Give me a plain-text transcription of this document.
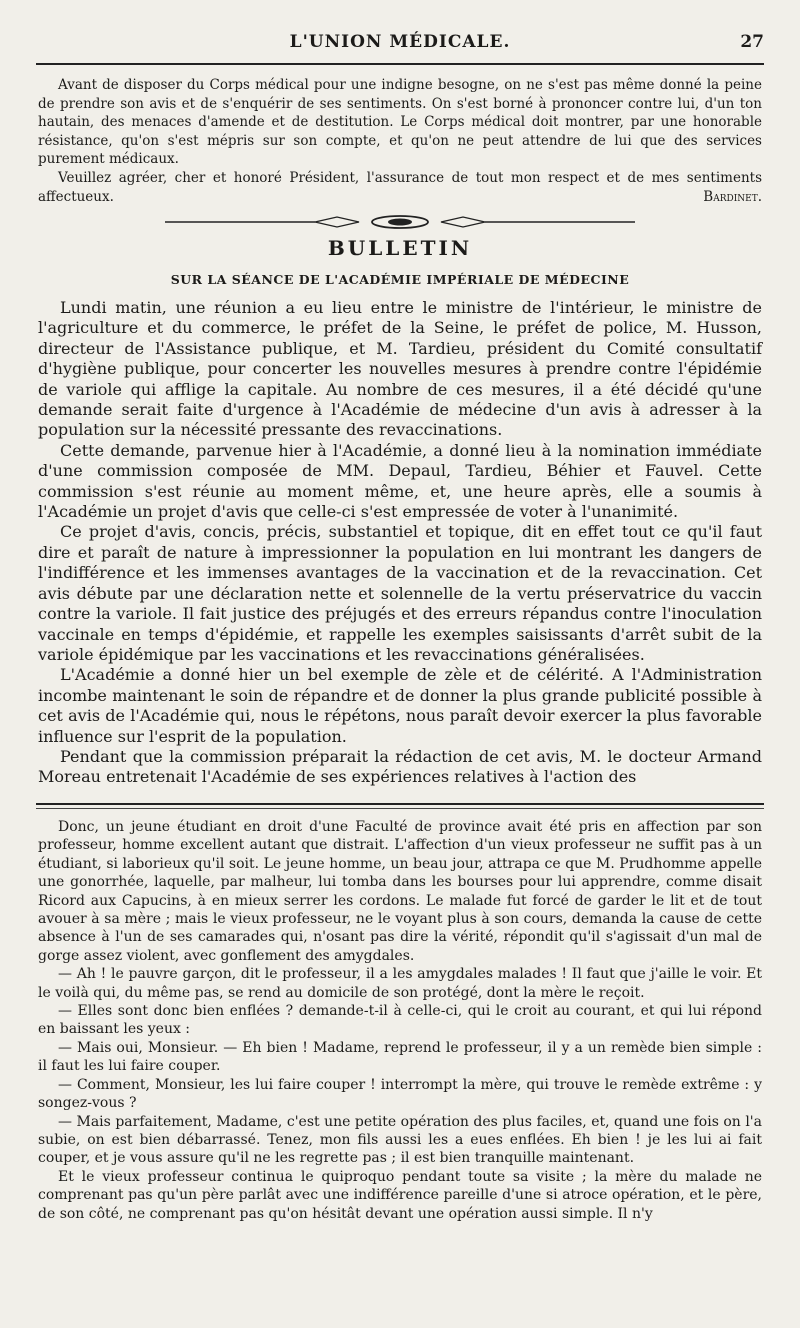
L'UNION MÉDICALE.	27

Avant de disposer du Corps médical pour une indigne besogne, on ne s'est pas même donné la peine de prendre son avis et de s'enquérir de ses sentiments. On s'est borné à prononcer contre lui, d'un ton hautain, des menaces d'amende et de destitution. Le Corps médical doit montrer, par une honorable résistance, qu'on s'est mépris sur son compte, et qu'on ne peut attendre de lui que des services purement médicaux.

Veuillez agréer, cher et honoré Président, l'assurance de tout mon respect et de mes sentiments affectueux.	Bardinet.

BULLETIN
SUR LA SÉANCE DE L'ACADÉMIE IMPÉRIALE DE MÉDECINE

Lundi matin, une réunion a eu lieu entre le ministre de l'intérieur, le ministre de l'agriculture et du commerce, le préfet de la Seine, le préfet de police, M. Husson, directeur de l'Assistance publique, et M. Tardieu, président du Comité consultatif d'hygiène publique, pour concerter les nouvelles mesures à prendre contre l'épidémie de variole qui afflige la capitale. Au nombre de ces mesures, il a été décidé qu'une demande serait faite d'urgence à l'Académie de médecine d'un avis à adresser à la population sur la nécessité pressante des revaccinations.

Cette demande, parvenue hier à l'Académie, a donné lieu à la nomination immédiate d'une commission composée de MM. Depaul, Tardieu, Béhier et Fauvel. Cette commission s'est réunie au moment même, et, une heure après, elle a soumis à l'Académie un projet d'avis que celle-ci s'est empressée de voter à l'unanimité.

Ce projet d'avis, concis, précis, substantiel et topique, dit en effet tout ce qu'il faut dire et paraît de nature à impressionner la population en lui montrant les dangers de l'indifférence et les immenses avantages de la vaccination et de la revaccination. Cet avis débute par une déclaration nette et solennelle de la vertu préservatrice du vaccin contre la variole. Il fait justice des préjugés et des erreurs répandus contre l'inoculation vaccinale en temps d'épidémie, et rappelle les exemples saisissants d'arrêt subit de la variole épidémique par les vaccinations et les revaccinations généralisées.

L'Académie a donné hier un bel exemple de zèle et de célérité. A l'Administration incombe maintenant le soin de répandre et de donner la plus grande publicité possible à cet avis de l'Académie qui, nous le répétons, nous paraît devoir exercer la plus favorable influence sur l'esprit de la population.

Pendant que la commission préparait la rédaction de cet avis, M. le docteur Armand Moreau entretenait l'Académie de ses expériences relatives à l'action des

Donc, un jeune étudiant en droit d'une Faculté de province avait été pris en affection par son professeur, homme excellent autant que distrait. L'affection d'un vieux professeur ne suffit pas à un étudiant, si laborieux qu'il soit. Le jeune homme, un beau jour, attrapa ce que M. Prudhomme appelle une gonorrhée, laquelle, par malheur, lui tomba dans les bourses pour lui apprendre, comme disait Ricord aux Capucins, à en mieux serrer les cordons. Le malade fut forcé de garder le lit et de tout avouer à sa mère ; mais le vieux professeur, ne le voyant plus à son cours, demanda la cause de cette absence à l'un de ses camarades qui, n'osant pas dire la vérité, répondit qu'il s'agissait d'un mal de gorge assez violent, avec gonflement des amygdales.

— Ah ! le pauvre garçon, dit le professeur, il a les amygdales malades ! Il faut que j'aille le voir. Et le voilà qui, du même pas, se rend au domicile de son protégé, dont la mère le reçoit.

— Elles sont donc bien enflées ? demande-t-il à celle-ci, qui le croit au courant, et qui lui répond en baissant les yeux :

— Mais oui, Monsieur. — Eh bien ! Madame, reprend le professeur, il y a un remède bien simple : il faut les lui faire couper.

— Comment, Monsieur, les lui faire couper ! interrompt la mère, qui trouve le remède extrême : y songez-vous ?

— Mais parfaitement, Madame, c'est une petite opération des plus faciles, et, quand une fois on l'a subie, on est bien débarrassé. Tenez, mon fils aussi les a eues enflées. Eh bien ! je les lui ai fait couper, et je vous assure qu'il ne les regrette pas ; il est bien tranquille maintenant.

Et le vieux professeur continua le quiproquo pendant toute sa visite ; la mère du malade ne comprenant pas qu'un père parlât avec une indifférence pareille d'une si atroce opération, et le père, de son côté, ne comprenant pas qu'on hésitât devant une opération aussi simple. Il n'y
